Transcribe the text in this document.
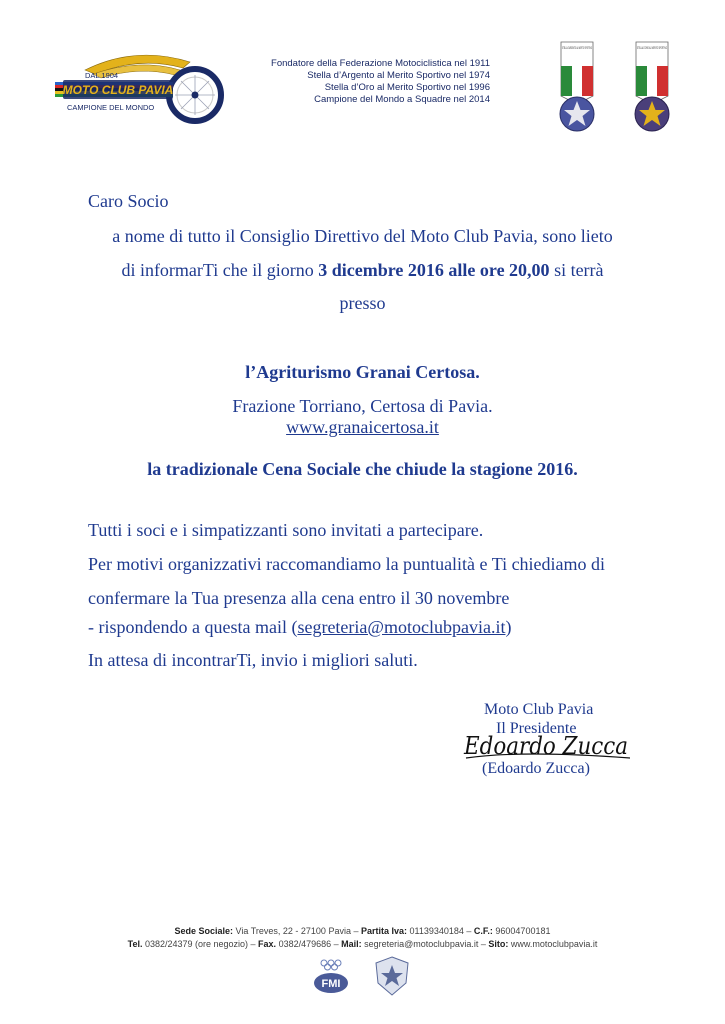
MOTO CLUB PAVIA
DAL 1904
CAMPIONE DEL MONDO
Fondatore della Federazione Motociclistica nel 1911
Stella d’Argento al Merito Sportivo nel 1974
Stella d’Oro al Merito Sportivo nel 1996
Campione del Mondo a Squadre nel 2014
STELLA D'ARGENTO AL MERITO SPORTIVO	STELLA D'ORO AL MERITO SPORTIVO
Caro Socio
a nome di tutto il Consiglio Direttivo del Moto Club Pavia, sono lieto
di informarTi che il giorno 3 dicembre 2016 alle ore 20,00 si terrà
presso
l’Agriturismo Granai Certosa.
Frazione Torriano, Certosa di Pavia.
www.granaicertosa.it
la tradizionale Cena Sociale che chiude la stagione 2016.
Tutti i soci e i simpatizzanti sono invitati a partecipare.
Per motivi organizzativi raccomandiamo la puntualità e Ti chiediamo di
confermare la Tua presenza alla cena entro il 30 novembre
- rispondendo a questa mail (segreteria@motoclubpavia.it)
In attesa di incontrarTi, invio i migliori saluti.
Moto Club Pavia
Il Presidente
Edoardo Zucca
(Edoardo Zucca)
Sede Sociale: Via Treves, 22 - 27100 Pavia – Partita Iva: 01139340184 – C.F.: 96004700181
Tel. 0382/24379 (ore negozio) – Fax. 0382/479686 – Mail: segreteria@motoclubpavia.it – Sito: www.motoclubpavia.it
FMI
